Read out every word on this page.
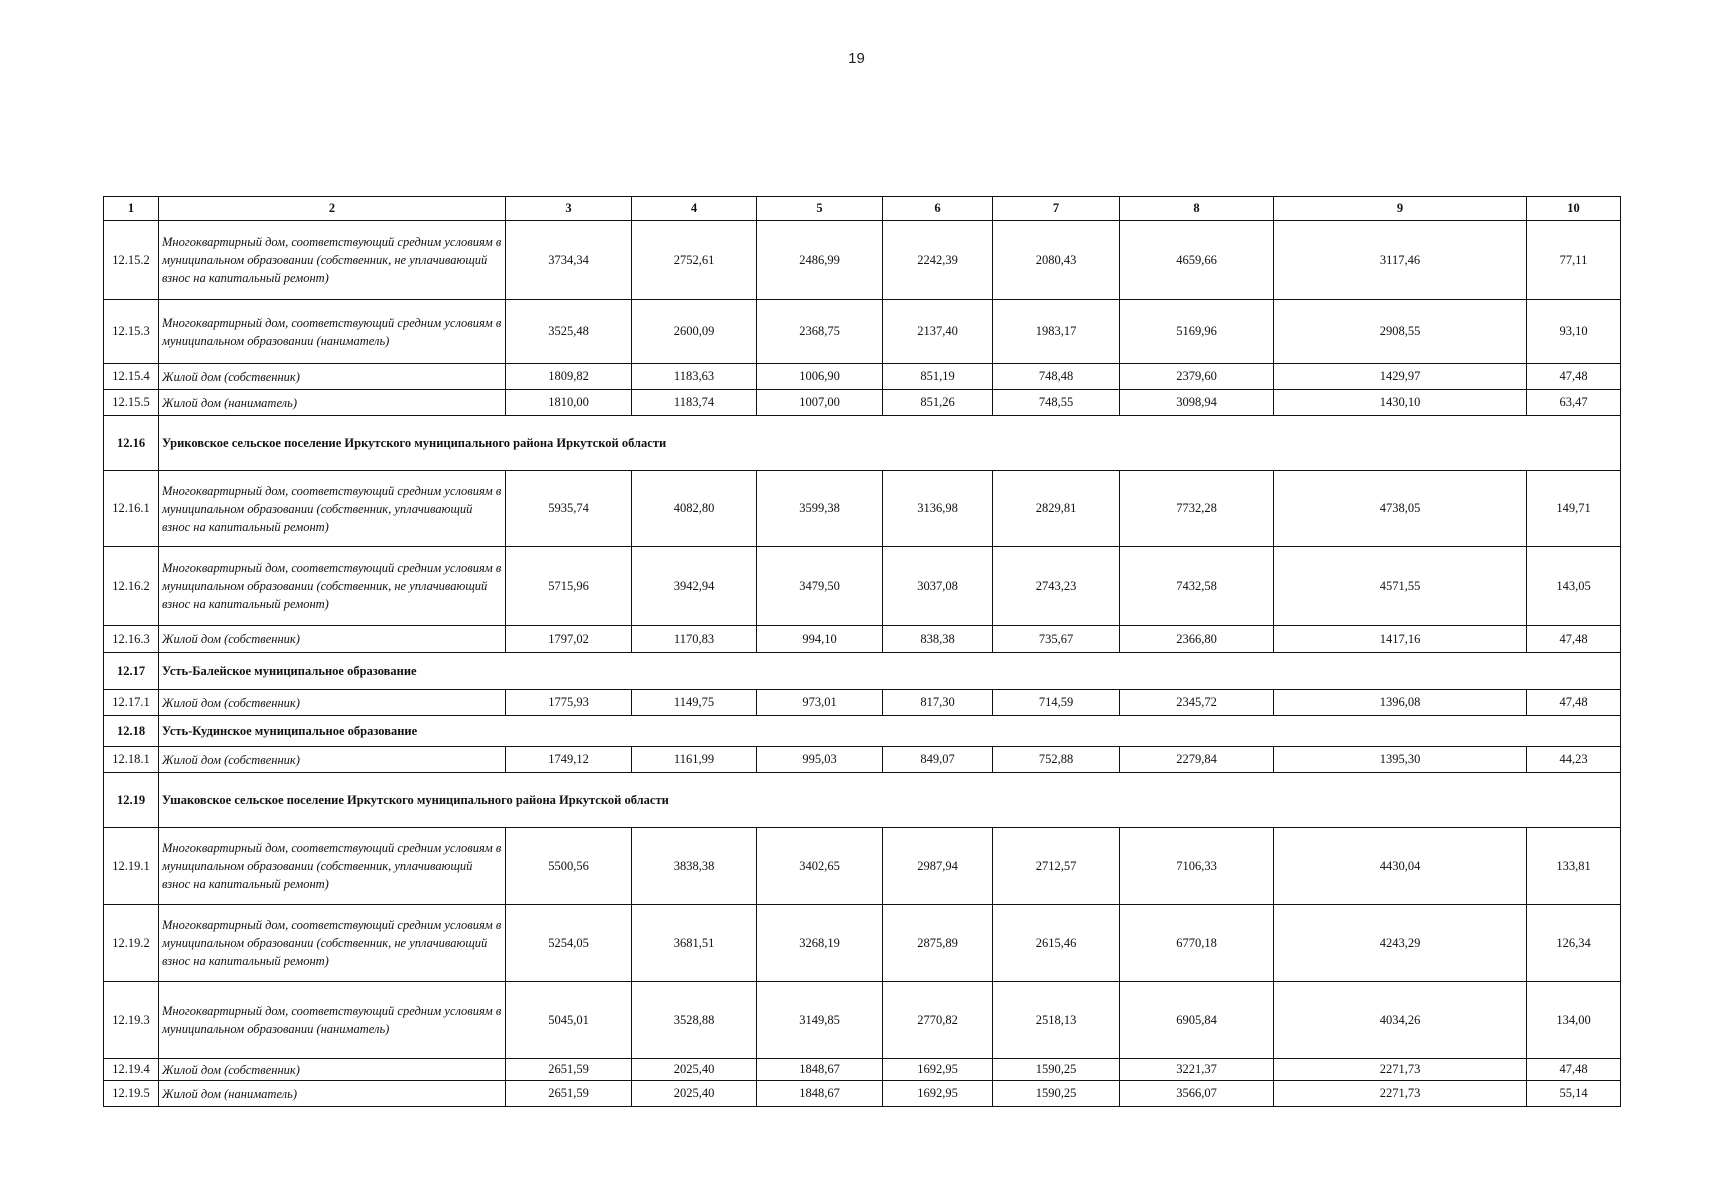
19
1	2	3	4	5	6	7	8	9	10
12.15.2	Многоквартирный дом, соответствующий средним условиям в муниципальном образовании (собственник, не уплачивающий взнос на капитальный ремонт)	3734,34	2752,61	2486,99	2242,39	2080,43	4659,66	3117,46	77,11
12.15.3	Многоквартирный дом, соответствующий средним условиям в муниципальном образовании (наниматель)	3525,48	2600,09	2368,75	2137,40	1983,17	5169,96	2908,55	93,10
12.15.4	Жилой дом (собственник)	1809,82	1183,63	1006,90	851,19	748,48	2379,60	1429,97	47,48
12.15.5	Жилой дом (наниматель)	1810,00	1183,74	1007,00	851,26	748,55	3098,94	1430,10	63,47
12.16	Уриковское сельское поселение Иркутского муниципального района Иркутской области								
12.16.1	Многоквартирный дом, соответствующий средним условиям в муниципальном образовании (собственник, уплачивающий взнос на капитальный ремонт)	5935,74	4082,80	3599,38	3136,98	2829,81	7732,28	4738,05	149,71
12.16.2	Многоквартирный дом, соответствующий средним условиям в муниципальном образовании (собственник, не уплачивающий взнос на капитальный ремонт)	5715,96	3942,94	3479,50	3037,08	2743,23	7432,58	4571,55	143,05
12.16.3	Жилой дом (собственник)	1797,02	1170,83	994,10	838,38	735,67	2366,80	1417,16	47,48
12.17	Усть-Балейское муниципальное образование								
12.17.1	Жилой дом (собственник)	1775,93	1149,75	973,01	817,30	714,59	2345,72	1396,08	47,48
12.18	Усть-Кудинское муниципальное образование								
12.18.1	Жилой дом (собственник)	1749,12	1161,99	995,03	849,07	752,88	2279,84	1395,30	44,23
12.19	Ушаковское сельское поселение Иркутского муниципального района Иркутской области								
12.19.1	Многоквартирный дом, соответствующий средним условиям в муниципальном образовании (собственник, уплачивающий взнос на капитальный ремонт)	5500,56	3838,38	3402,65	2987,94	2712,57	7106,33	4430,04	133,81
12.19.2	Многоквартирный дом, соответствующий средним условиям в муниципальном образовании (собственник, не уплачивающий взнос на капитальный ремонт)	5254,05	3681,51	3268,19	2875,89	2615,46	6770,18	4243,29	126,34
12.19.3	Многоквартирный дом, соответствующий средним условиям в муниципальном образовании (наниматель)	5045,01	3528,88	3149,85	2770,82	2518,13	6905,84	4034,26	134,00
12.19.4	Жилой дом (собственник)	2651,59	2025,40	1848,67	1692,95	1590,25	3221,37	2271,73	47,48
12.19.5	Жилой дом (наниматель)	2651,59	2025,40	1848,67	1692,95	1590,25	3566,07	2271,73	55,14
